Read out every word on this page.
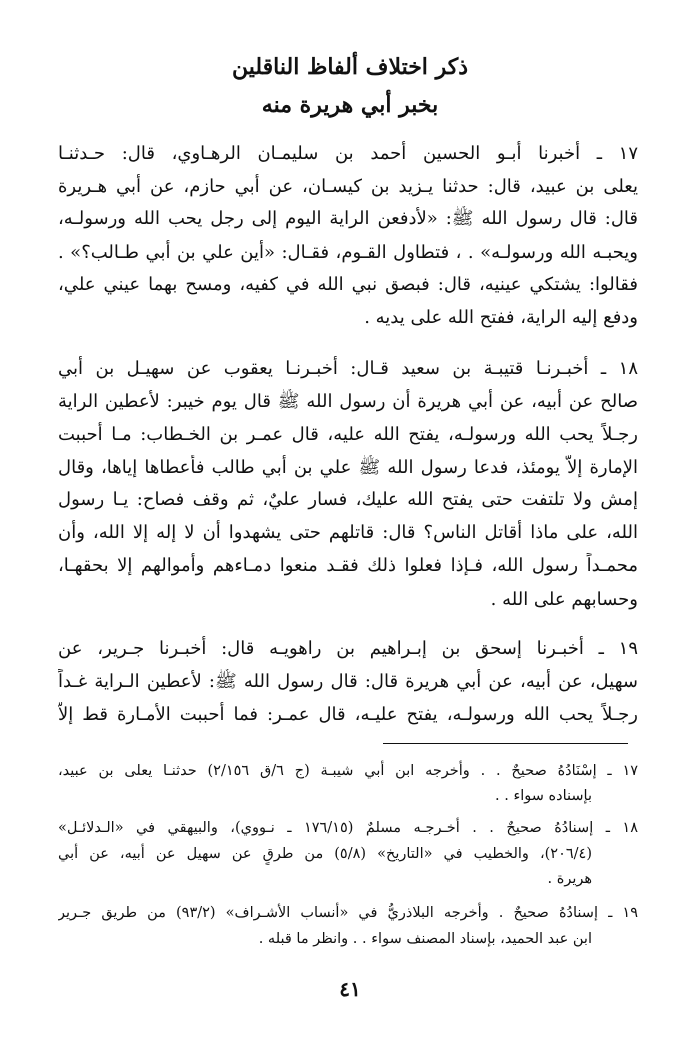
ذكر اختلاف ألفاظ الناقلين
بخبر أبي هريرة منه
١٧ ـ أخبرنا أبـو الحسين أحمد بن سليمـان الرهـاوي، قال: حـدثنـا
يعلى بن عبيد، قال: حدثنا يـزيد بن كيسـان، عن أبي حازم، عن أبي هـريرة
قال: قال رسول الله ﷺ: «لأدفعن الراية اليوم إلى رجل يحب الله ورسولـه،
ويحبـه الله ورسولـه» . ، فتطاول القـوم، فقـال: «أين علي بن أبي طـالب؟» .
فقالوا: يشتكي عينيه، قال: فبصق نبي الله في كفيه، ومسح بهما عيني علي،
ودفع إليه الراية، ففتح الله على يديه .
١٨ ـ أخبـرنـا قتيبـة بن سعيد قـال: أخبـرنـا يعقوب عن سهيـل بن أبي
صالح عن أبيه، عن أبي هريرة أن رسول الله ﷺ قال يوم خيبر: لأعطين الراية
رجـلاً يحب الله ورسولـه، يفتح الله عليه، قال عمـر بن الخـطاب: مـا أحببت
الإمارة إلاّ يومئذ، فدعا رسول الله ﷺ علي بن أبي طالب فأعطاها إياها، وقال
إمش ولا تلتفت حتى يفتح الله عليك، فسار عليٌ، ثم وقف فصاح: يـا رسول
الله، على ماذا أقاتل الناس؟ قال: قاتلهم حتى يشهدوا أن لا إله إلا الله، وأن
محمـداً رسول الله، فـإذا فعلوا ذلك فقـد منعوا دمـاءهم وأموالهم إلا بحقهـا،
وحسابهم على الله .
١٩ ـ أخبـرنا إسحق بن إبـراهيم بن راهويـه قال: أخبـرنا جـرير، عن
سهيل، عن أبيه، عن أبي هريرة قال: قال رسول الله ﷺ: لأعطين الـراية غـداً
رجـلاً يحب الله ورسولـه، يفتح عليـه، قال عمـر: فما أحببت الأمـارة قط إلاّ
١٧ ـ إسْنَادُهُ صحيحٌ . . وأخرجه ابن أبي شيبـة (ج ٦/ق ٢/١٥٦) حدثنـا يعلى بن عبيد،
بإسناده سواء . .
١٨ ـ إسنادُهُ صحيحٌ . . أخـرجـه مسلمٌ (١٧٦/١٥ ـ نـووي)، والبيهقي في «الـدلائـل»
(٢٠٦/٤)، والخطيب في «التاريخ» (٥/٨) من طرقٍ عن سهيل عن أبيه، عن أبي
هريرة .
١٩ ـ إسنادُهُ صحيحٌ . وأخرجه البلاذريُّ في «أنساب الأشـراف» (٩٣/٢) من طريق جـرير
ابن عبد الحميد، بإسناد المصنف سواء . . وانظر ما قبله .
٤١
